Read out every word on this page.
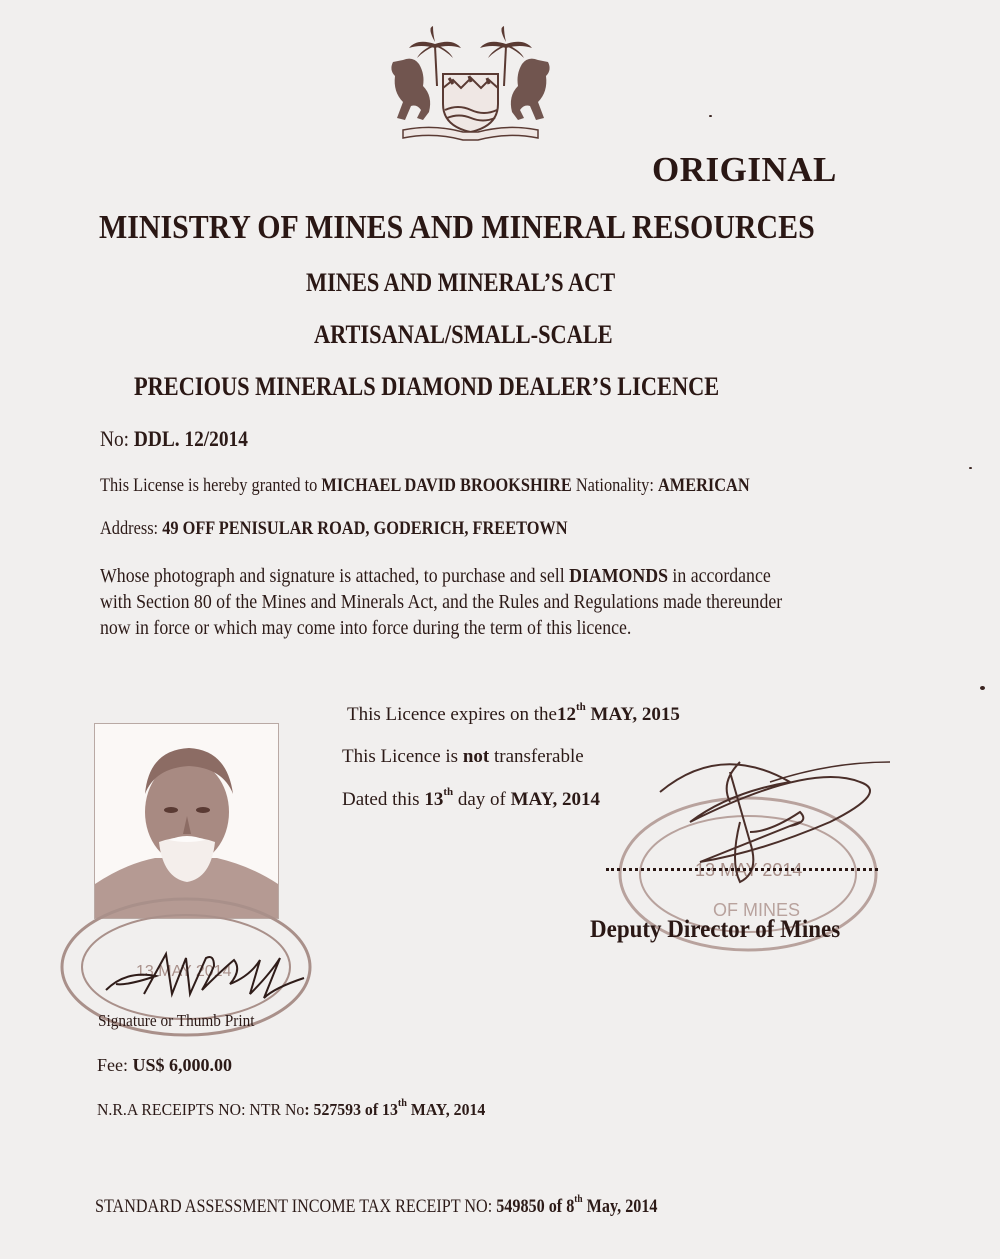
ORIGINAL
MINISTRY OF MINES AND MINERAL RESOURCES
MINES AND MINERAL’S ACT
ARTISANAL/SMALL-SCALE
PRECIOUS MINERALS DIAMOND DEALER’S LICENCE
No: DDL. 12/2014
This License is hereby granted to MICHAEL DAVID BROOKSHIRE Nationality: AMERICAN
Address: 49 OFF PENISULAR ROAD, GODERICH, FREETOWN
Whose photograph and signature is attached, to purchase and sell DIAMONDS in accordance
with Section 80 of the Mines and Minerals Act, and the Rules and Regulations made thereunder
now in force or which may come into force during the term of this licence.
This Licence expires on the12th MAY, 2015
This Licence is not transferable
Dated this 13th day of MAY, 2014
13 MAY 2014
Signature or Thumb Print
13 MAY 2014
OF MINES
Deputy Director of Mines
Fee: US$ 6,000.00
N.R.A RECEIPTS NO: NTR No: 527593 of 13th MAY, 2014
STANDARD ASSESSMENT INCOME TAX RECEIPT NO: 549850 of 8th May, 2014
